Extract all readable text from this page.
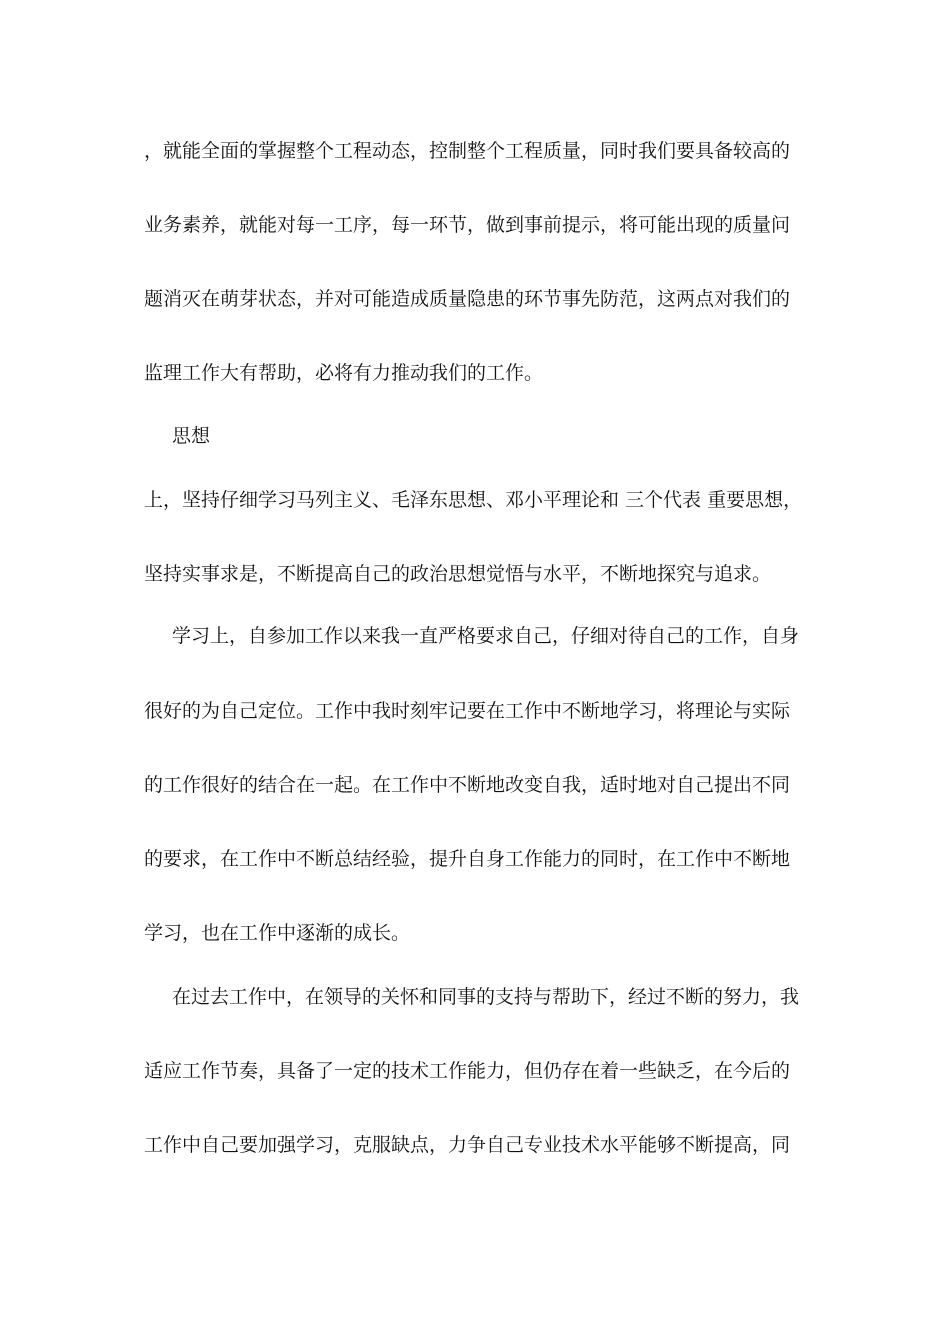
，就能全面的掌握整个工程动态，控制整个工程质量，同时我们要具备较高的
业务素养，就能对每一工序，每一环节，做到事前提示，将可能出现的质量问
题消灭在萌芽状态，并对可能造成质量隐患的环节事先防范，这两点对我们的
监理工作大有帮助，必将有力推动我们的工作。
思想
上，坚持仔细学习马列主义、毛泽东思想、邓小平理论和 三个代表 重要思想，
坚持实事求是，不断提高自己的政治思想觉悟与水平，不断地探究与追求。
学习上，自参加工作以来我一直严格要求自己，仔细对待自己的工作，自身
很好的为自己定位。工作中我时刻牢记要在工作中不断地学习，将理论与实际
的工作很好的结合在一起。在工作中不断地改变自我，适时地对自己提出不同
的要求，在工作中不断总结经验，提升自身工作能力的同时，在工作中不断地
学习，也在工作中逐渐的成长。
在过去工作中，在领导的关怀和同事的支持与帮助下，经过不断的努力，我
适应工作节奏，具备了一定的技术工作能力，但仍存在着一些缺乏，在今后的
工作中自己要加强学习，克服缺点，力争自己专业技术水平能够不断提高，同
